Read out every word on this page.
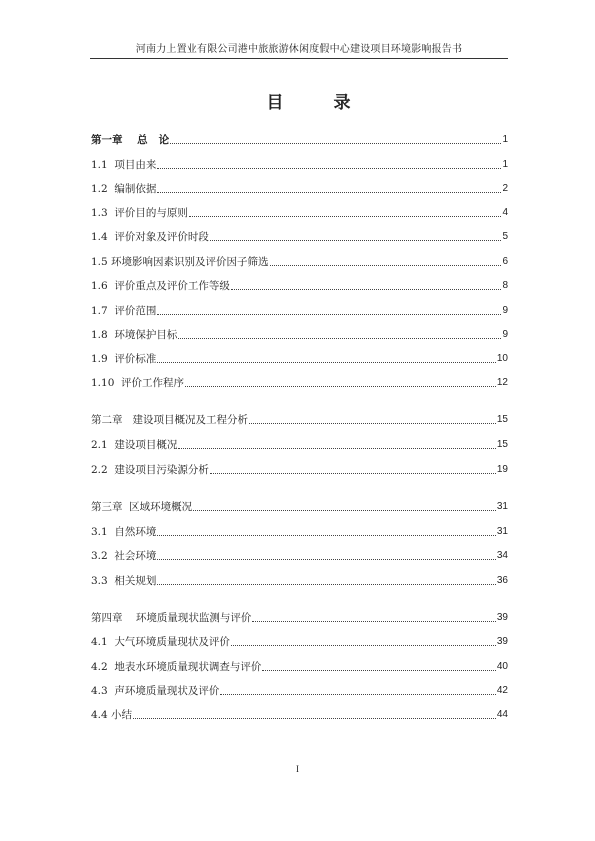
河南力上置业有限公司港中旅旅游休闲度假中心建设项目环境影响报告书
目 录
第一章    总   论	1
1.1  项目由来	1
1.2  编制依据	2
1.3  评价目的与原则	4
1.4  评价对象及评价时段	5
1.5 环境影响因素识别及评价因子筛选	6
1.6  评价重点及评价工作等级	8
1.7  评价范围	9
1.8  环境保护目标	9
1.9  评价标准	10
1.10  评价工作程序	12
第二章   建设项目概况及工程分析	15
2.1  建设项目概况	15
2.2  建设项目污染源分析	19
第三章  区域环境概况	31
3.1  自然环境	31
3.2  社会环境	34
3.3  相关规划	36
第四章    环境质量现状监测与评价	39
4.1  大气环境质量现状及评价	39
4.2  地表水环境质量现状调查与评价	40
4.3  声环境质量现状及评价	42
4.4 小结	44
I
